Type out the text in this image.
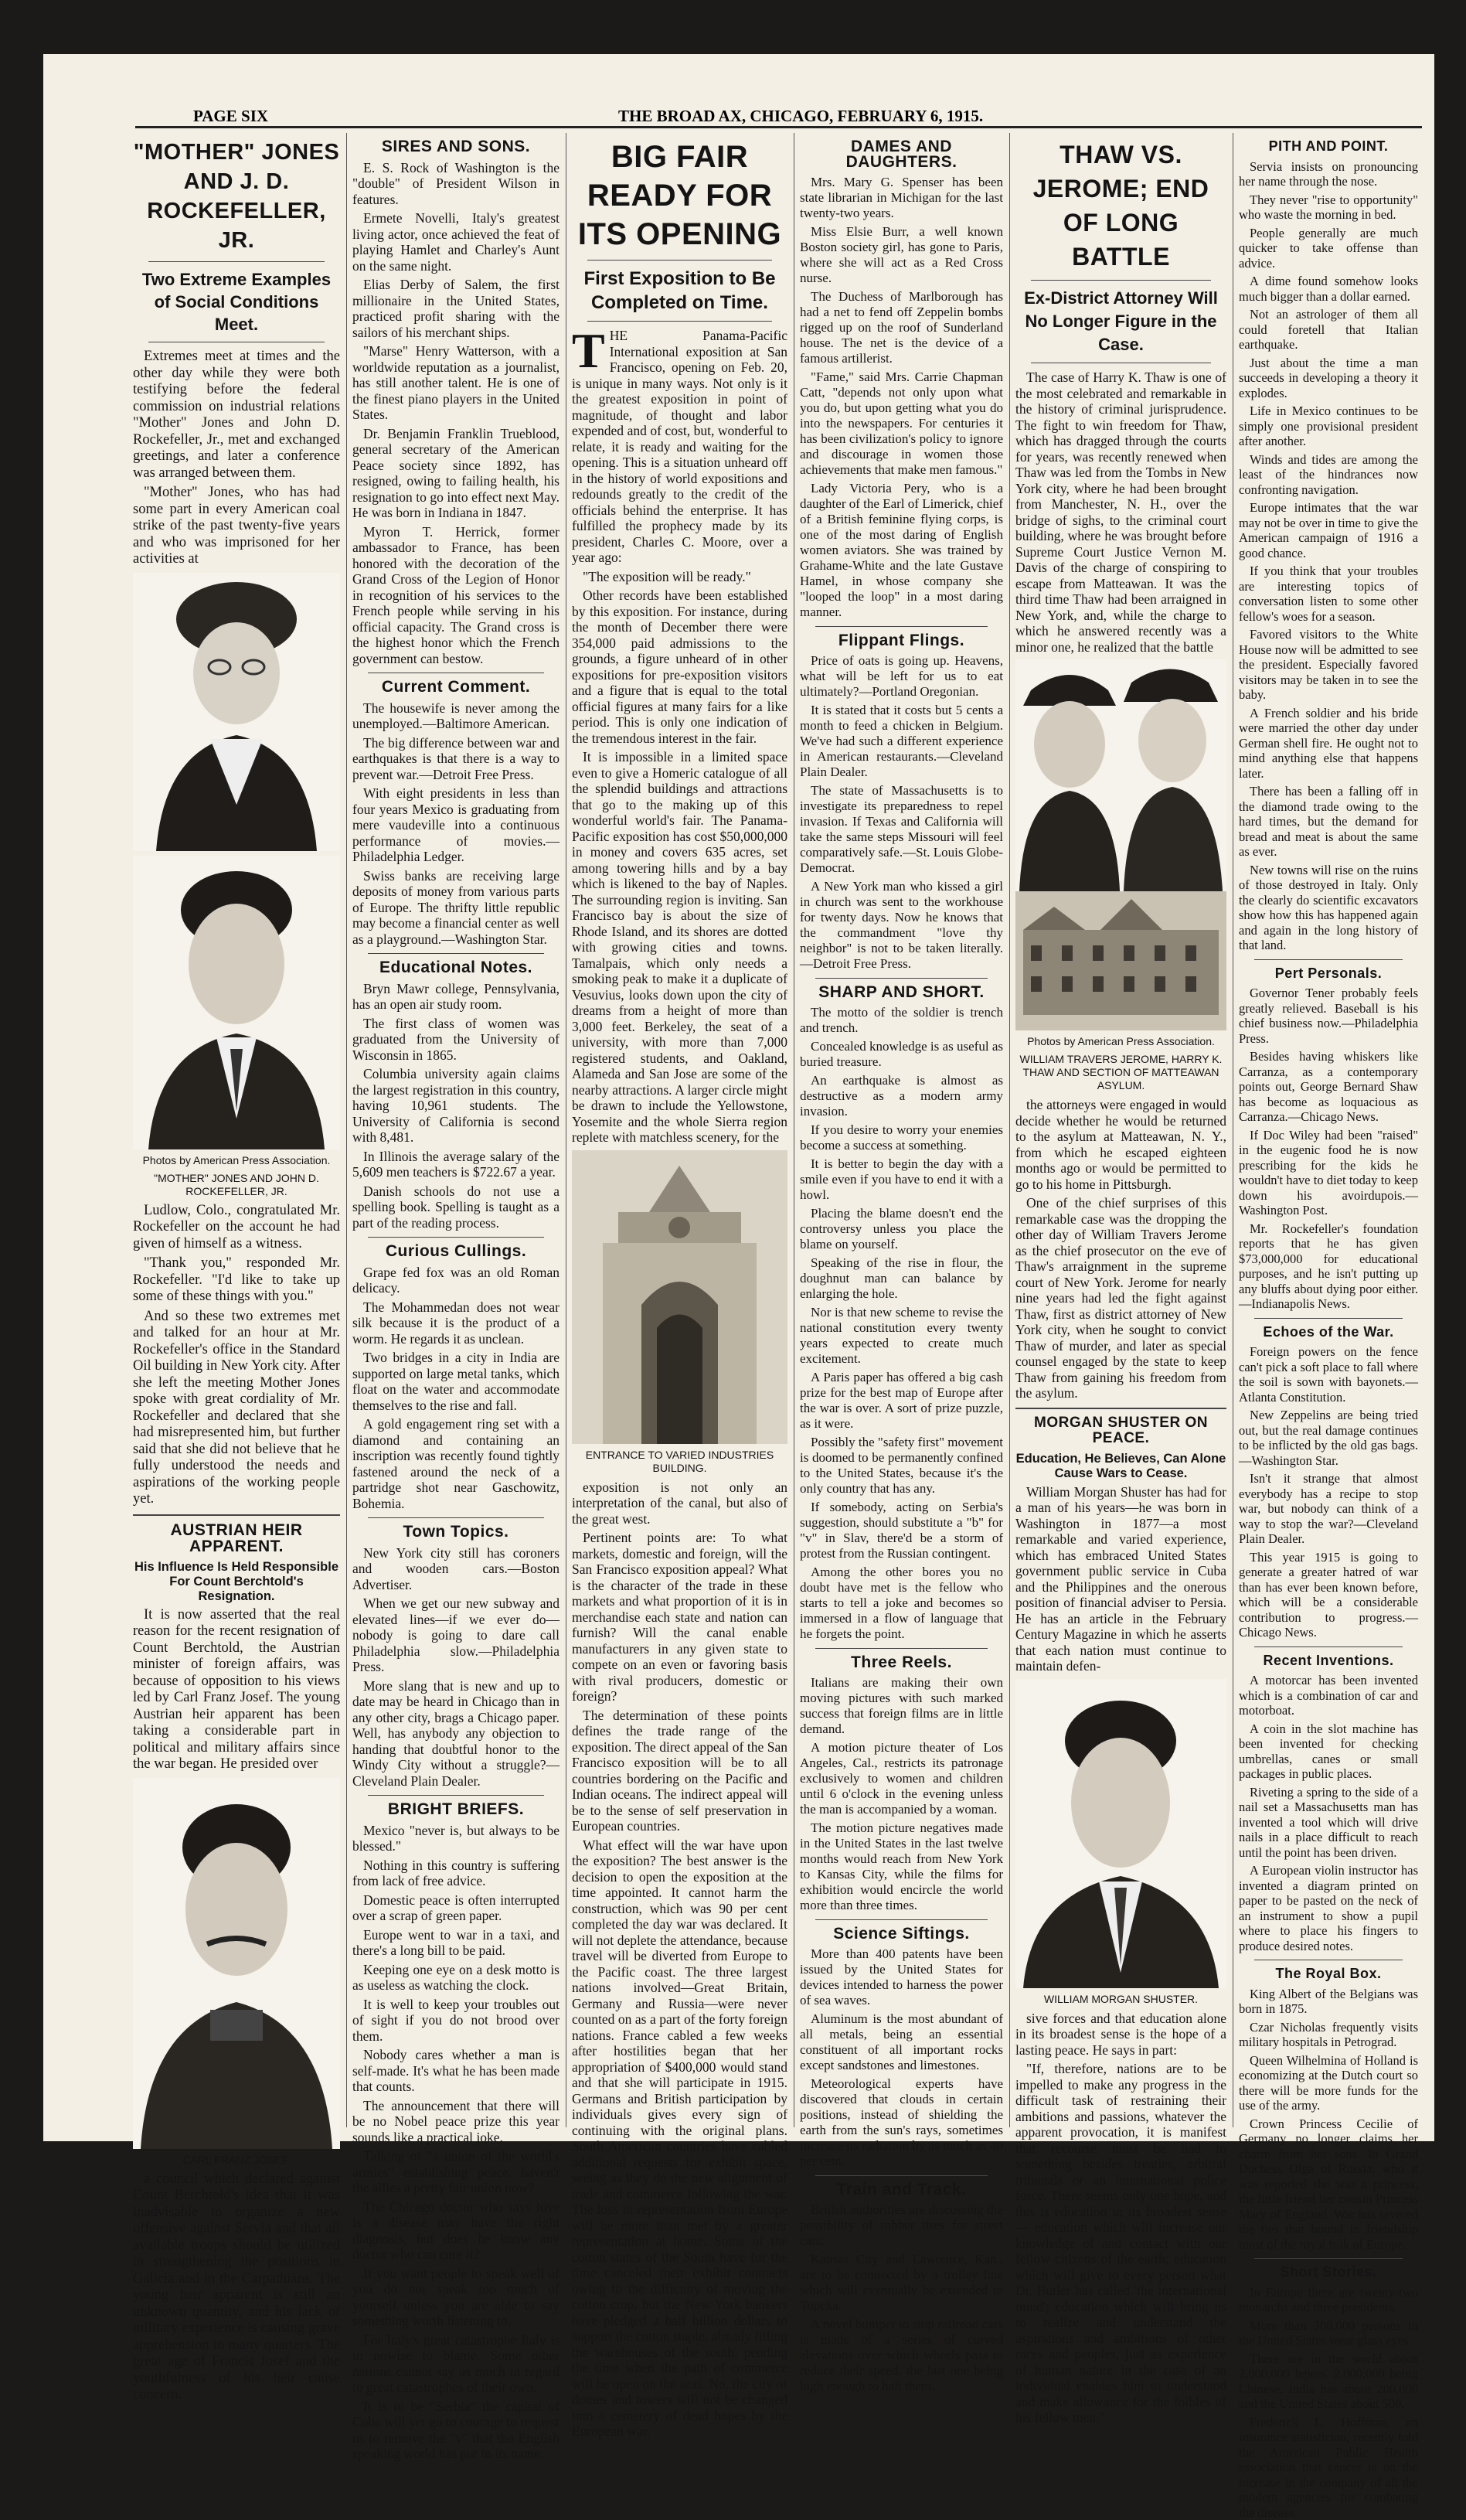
PAGE SIX	THE BROAD AX, CHICAGO, FEBRUARY 6, 1915.
"MOTHER" JONES AND J. D. ROCKEFELLER, JR.
Two Extreme Examples of Social Conditions Meet.

Extremes meet at times and the other day while they were both testifying before the federal commission on industrial relations "Mother" Jones and John D. Rockefeller, Jr., met and exchanged greetings, and later a conference was arranged between them.

"Mother" Jones, who has had some part in every American coal strike of the past twenty-five years and who was imprisoned for her activities at

Photos by American Press Association.
"MOTHER" JONES AND JOHN D. ROCKEFELLER, JR.

Ludlow, Colo., congratulated Mr. Rockefeller on the account he had given of himself as a witness.

"Thank you," responded Mr. Rockefeller. "I'd like to take up some of these things with you."

And so these two extremes met and talked for an hour at Mr. Rockefeller's office in the Standard Oil building in New York city. After she left the meeting Mother Jones spoke with great cordiality of Mr. Rockefeller and declared that she had misrepresented him, but further said that she did not believe that he fully understood the needs and aspirations of the working people yet.

AUSTRIAN HEIR APPARENT.
His Influence Is Held Responsible For Count Berchtold's Resignation.

It is now asserted that the real reason for the recent resignation of Count Berchtold, the Austrian minister of foreign affairs, was because of opposition to his views led by Carl Franz Josef. The young Austrian heir apparent has been taking a considerable part in political and military affairs since the war began. He presided over

CARL FRANZ JOSEF.

a council which declared against Count Berchtold's idea that it was inadvisable to organize a new offensive against Servia and that all available troops should be utilized in strengthening the positions in Galicia and in the Carpathians. The young heir apparent is still an unknown quantity, and his lack of military experience is causing grave apprehension in many quarters. The great age of Francis Josef and the youthfulness of his heir cause concern.

SIRES AND SONS.

E. S. Rock of Washington is the "double" of President Wilson in features.

Ermete Novelli, Italy's greatest living actor, once achieved the feat of playing Hamlet and Charley's Aunt on the same night.

Elias Derby of Salem, the first millionaire in the United States, practiced profit sharing with the sailors of his merchant ships.

"Marse" Henry Watterson, with a worldwide reputation as a journalist, has still another talent. He is one of the finest piano players in the United States.

Dr. Benjamin Franklin Trueblood, general secretary of the American Peace society since 1892, has resigned, owing to failing health, his resignation to go into effect next May. He was born in Indiana in 1847.

Myron T. Herrick, former ambassador to France, has been honored with the decoration of the Grand Cross of the Legion of Honor in recognition of his services to the French people while serving in his official capacity. The Grand cross is the highest honor which the French government can bestow.

Current Comment.

The housewife is never among the unemployed.—Baltimore American.

The big difference between war and earthquakes is that there is a way to prevent war.—Detroit Free Press.

With eight presidents in less than four years Mexico is graduating from mere vaudeville into a continuous performance of movies.—Philadelphia Ledger.

Swiss banks are receiving large deposits of money from various parts of Europe. The thrifty little republic may become a financial center as well as a playground.—Washington Star.

Educational Notes.

Bryn Mawr college, Pennsylvania, has an open air study room.

The first class of women was graduated from the University of Wisconsin in 1865.

Columbia university again claims the largest registration in this country, having 10,961 students. The University of California is second with 8,481.

In Illinois the average salary of the 5,609 men teachers is $722.67 a year.

Danish schools do not use a spelling book. Spelling is taught as a part of the reading process.

Curious Cullings.

Grape fed fox was an old Roman delicacy.

The Mohammedan does not wear silk because it is the product of a worm. He regards it as unclean.

Two bridges in a city in India are supported on large metal tanks, which float on the water and accommodate themselves to the rise and fall.

A gold engagement ring set with a diamond and containing an inscription was recently found tightly fastened around the neck of a partridge shot near Gaschowitz, Bohemia.

Town Topics.

New York city still has coroners and wooden cars.—Boston Advertiser.

When we get our new subway and elevated lines—if we ever do—nobody is going to dare call Philadelphia slow.—Philadelphia Press.

More slang that is new and up to date may be heard in Chicago than in any other city, brags a Chicago paper. Well, has anybody any objection to handing that doubtful honor to the Windy City without a struggle?—Cleveland Plain Dealer.

BRIGHT BRIEFS.

Mexico "never is, but always to be blessed."

Nothing in this country is suffering from lack of free advice.

Domestic peace is often interrupted over a scrap of green paper.

Europe went to war in a taxi, and there's a long bill to be paid.

Keeping one eye on a desk motto is as useless as watching the clock.

It is well to keep your troubles out of sight if you do not brood over them.

Nobody cares whether a man is self-made. It's what he has been made that counts.

The announcement that there will be no Nobel peace prize this year sounds like a practical joke.

Talking of "a union of the world's armies" establishing peace, haven't the allies a pretty fair union now?

The Chicago doctor who says love is a disease may have the right diagnosis, but does he know any doctor who can cure it?

If you want people to speak well of you do not speak too much of yourself unless you are able to say something worth listening to.

For Italy's great catastrophe Italy is in nowise to blame. Some other nations cannot say as much in regard to great catastrophes of their own.

It is to be "Serbia" the capital of Cuba will yet go to courage to request us to remove the "v" that the English speaking world has put in its name.

BIG FAIR READY FOR ITS OPENING
First Exposition to Be Completed on Time.

THE Panama-Pacific International exposition at San Francisco, opening on Feb. 20, is unique in many ways. Not only is it the greatest exposition in point of magnitude, of thought and labor expended and of cost, but, wonderful to relate, it is ready and waiting for the opening. This is a situation unheard off in the history of world expositions and redounds greatly to the credit of the officials behind the enterprise. It has fulfilled the prophecy made by its president, Charles C. Moore, over a year ago:

"The exposition will be ready."

Other records have been established by this exposition. For instance, during the month of December there were 354,000 paid admissions to the grounds, a figure unheard of in other expositions for pre-exposition visitors and a figure that is equal to the total official figures at many fairs for a like period. This is only one indication of the tremendous interest in the fair.

It is impossible in a limited space even to give a Homeric catalogue of all the splendid buildings and attractions that go to the making up of this wonderful world's fair. The Panama-Pacific exposition has cost $50,000,000 in money and covers 635 acres, set among towering hills and by a bay which is likened to the bay of Naples. The surrounding region is inviting. San Francisco bay is about the size of Rhode Island, and its shores are dotted with growing cities and towns. Tamalpais, which only needs a smoking peak to make it a duplicate of Vesuvius, looks down upon the city of dreams from a height of more than 3,000 feet. Berkeley, the seat of a university, with more than 7,000 registered students, and Oakland, Alameda and San Jose are some of the nearby attractions. A larger circle might be drawn to include the Yellowstone, Yosemite and the whole Sierra region replete with matchless scenery, for the

ENTRANCE TO VARIED INDUSTRIES BUILDING.

exposition is not only an interpretation of the canal, but also of the great west.

Pertinent points are: To what markets, domestic and foreign, will the San Francisco exposition appeal? What is the character of the trade in these markets and what proportion of it is in merchandise each state and nation can furnish? Will the canal enable manufacturers in any given state to compete on an even or favoring basis with rival producers, domestic or foreign?

The determination of these points defines the trade range of the exposition. The direct appeal of the San Francisco exposition will be to all countries bordering on the Pacific and Indian oceans. The indirect appeal will be to the sense of self preservation in European countries.

What effect will the war have upon the exposition? The best answer is the decision to open the exposition at the time appointed. It cannot harm the construction, which was 90 per cent completed the day war was declared. It will not deplete the attendance, because travel will be diverted from Europe to the Pacific coast. The three largest nations involved—Great Britain, Germany and Russia—were never counted on as a part of the forty foreign nations. France cabled a few weeks after hostilities began that her appropriation of $400,000 would stand and that she will participate in 1915. Germans and British participation by individuals gives every sign of continuing with the original plans. South American countries have cabled additional requests for exhibit space, seeing as they do the new alignment of trade and commerce following the war. The loss in representation from Europe will be more than met by a greater representation at home. Some of the cotton states of the South have for the time canceled their exhibit contracts owing to the difficulty of moving the cotton crop, but the New York bankers have pledged a half billion dollars to support the cotton staple, already filling the warehouses of the south, pending the time when the path of commerce will be open on the seas. No, the city of domes and towers will not be changed into a cemetery of dead hopes by the European war.

DAMES AND DAUGHTERS.

Mrs. Mary G. Spenser has been state librarian in Michigan for the last twenty-two years.

Miss Elsie Burr, a well known Boston society girl, has gone to Paris, where she will act as a Red Cross nurse.

The Duchess of Marlborough has had a net to fend off Zeppelin bombs rigged up on the roof of Sunderland house. The net is the device of a famous artillerist.

"Fame," said Mrs. Carrie Chapman Catt, "depends not only upon what you do, but upon getting what you do into the newspapers. For centuries it has been civilization's policy to ignore and discourage in women those achievements that make men famous."

Lady Victoria Pery, who is a daughter of the Earl of Limerick, chief of a British feminine flying corps, is one of the most daring of English women aviators. She was trained by Grahame-White and the late Gustave Hamel, in whose company she "looped the loop" in a most daring manner.

Flippant Flings.

Price of oats is going up. Heavens, what will be left for us to eat ultimately?—Portland Oregonian.

It is stated that it costs but 5 cents a month to feed a chicken in Belgium. We've had such a different experience in American restaurants.—Cleveland Plain Dealer.

The state of Massachusetts is to investigate its preparedness to repel invasion. If Texas and California will take the same steps Missouri will feel comparatively safe.—St. Louis Globe-Democrat.

A New York man who kissed a girl in church was sent to the workhouse for twenty days. Now he knows that the commandment "love thy neighbor" is not to be taken literally.—Detroit Free Press.

SHARP AND SHORT.

The motto of the soldier is trench and trench.

Concealed knowledge is as useful as buried treasure.

An earthquake is almost as destructive as a modern army invasion.

If you desire to worry your enemies become a success at something.

It is better to begin the day with a smile even if you have to end it with a howl.

Placing the blame doesn't end the controversy unless you place the blame on yourself.

Speaking of the rise in flour, the doughnut man can balance by enlarging the hole.

Nor is that new scheme to revise the national constitution every twenty years expected to create much excitement.

A Paris paper has offered a big cash prize for the best map of Europe after the war is over. A sort of prize puzzle, as it were.

Possibly the "safety first" movement is doomed to be permanently confined to the United States, because it's the only country that has any.

If somebody, acting on Serbia's suggestion, should substitute a "b" for "v" in Slav, there'd be a storm of protest from the Russian contingent.

Among the other bores you no doubt have met is the fellow who starts to tell a joke and becomes so immersed in a flow of language that he forgets the point.

Three Reels.

Italians are making their own moving pictures with such marked success that foreign films are in little demand.

A motion picture theater of Los Angeles, Cal., restricts its patronage exclusively to women and children until 6 o'clock in the evening unless the man is accompanied by a woman.

The motion picture negatives made in the United States in the last twelve months would reach from New York to Kansas City, while the films for exhibition would encircle the world more than three times.

Science Siftings.

More than 400 patents have been issued by the United States for devices intended to harness the power of sea waves.

Aluminum is the most abundant of all metals, being an essential constituent of all important rocks except sandstones and limestones.

Meteorological experts have discovered that clouds in certain positions, instead of shielding the earth from the sun's rays, sometimes increase its radiation by as much as 40 per cent.

Train and Track.

British authorities are discussing the possibility of rubber tires for street cars.

Kansas City and Lawrence, Kan., are to be connected by a trolley line which will eventually be extended to Topeka.

A novel bumper to stop railroad cars is made of a series of curved elevations over which wheels pass to reduce their speed, the last one being high enough to halt them.

THAW VS. JEROME; END OF LONG BATTLE
Ex-District Attorney Will No Longer Figure in the Case.

The case of Harry K. Thaw is one of the most celebrated and remarkable in the history of criminal jurisprudence. The fight to win freedom for Thaw, which has dragged through the courts for years, was recently renewed when Thaw was led from the Tombs in New York city, where he had been brought from Manchester, N. H., over the bridge of sighs, to the criminal court building, where he was brought before Supreme Court Justice Vernon M. Davis of the charge of conspiring to escape from Matteawan. It was the third time Thaw had been arraigned in New York, and, while the charge to which he answered recently was a minor one, he realized that the battle

Photos by American Press Association.
WILLIAM TRAVERS JEROME, HARRY K. THAW AND SECTION OF MATTEAWAN ASYLUM.

the attorneys were engaged in would decide whether he would be returned to the asylum at Matteawan, N. Y., from which he escaped eighteen months ago or would be permitted to go to his home in Pittsburgh.

One of the chief surprises of this remarkable case was the dropping the other day of William Travers Jerome as the chief prosecutor on the eve of Thaw's arraignment in the supreme court of New York. Jerome for nearly nine years had led the fight against Thaw, first as district attorney of New York city, when he sought to convict Thaw of murder, and later as special counsel engaged by the state to keep Thaw from gaining his freedom from the asylum.

MORGAN SHUSTER ON PEACE.
Education, He Believes, Can Alone Cause Wars to Cease.

William Morgan Shuster has had for a man of his years—he was born in Washington in 1877—a most remarkable and varied experience, which has embraced United States government public service in Cuba and the Philippines and the onerous position of financial adviser to Persia. He has an article in the February Century Magazine in which he asserts that each nation must continue to maintain defen-

WILLIAM MORGAN SHUSTER.

sive forces and that education alone in its broadest sense is the hope of a lasting peace. He says in part:

"If, therefore, nations are to be impelled to make any progress in the difficult task of restraining their ambitions and passions, whatever the apparent provocation, it is manifest that recourse must be had to something besides treaties, arbitral tribunals or an international police force. There seems only one hope, and this is education in its broadest sense — education which will increase our knowledge of and contact with our fellow citizens of the earth; education which will give to every person what Dr. Butler has called 'the international mind'; education which will bring us to realize and understand the aspirations and ambitions of other races and peoples, just as experience of human nature in the case of an individual enables him to understand and make allowance for the foibles of his fellow men."

PITH AND POINT.

Servia insists on pronouncing her name through the nose.

They never "rise to opportunity" who waste the morning in bed.

People generally are much quicker to take offense than advice.

A dime found somehow looks much bigger than a dollar earned.

Not an astrologer of them all could foretell that Italian earthquake.

Just about the time a man succeeds in developing a theory it explodes.

Life in Mexico continues to be simply one provisional president after another.

Winds and tides are among the least of the hindrances now confronting navigation.

Europe intimates that the war may not be over in time to give the American campaign of 1916 a good chance.

If you think that your troubles are interesting topics of conversation listen to some other fellow's woes for a season.

Favored visitors to the White House now will be admitted to see the president. Especially favored visitors may be taken in to see the baby.

A French soldier and his bride were married the other day under German shell fire. He ought not to mind anything else that happens later.

There has been a falling off in the diamond trade owing to the hard times, but the demand for bread and meat is about the same as ever.

New towns will rise on the ruins of those destroyed in Italy. Only the clearly do scientific excavators show how this has happened again and again in the long history of that land.

Pert Personals.

Governor Tener probably feels greatly relieved. Baseball is his chief business now.—Philadelphia Press.

Besides having whiskers like Carranza, as a contemporary points out, George Bernard Shaw has become as loquacious as Carranza.—Chicago News.

If Doc Wiley had been "raised" in the eugenic food he is now prescribing for the kids he wouldn't have to diet today to keep down his avoirdupois.—Washington Post.

Mr. Rockefeller's foundation reports that he has given $73,000,000 for educational purposes, and he isn't putting up any bluffs about dying poor either.—Indianapolis News.

Echoes of the War.

Foreign powers on the fence can't pick a soft place to fall where the soil is sown with bayonets.—Atlanta Constitution.

New Zeppelins are being tried out, but the real damage continues to be inflicted by the old gas bags.—Washington Star.

Isn't it strange that almost everybody has a recipe to stop war, but nobody can think of a way to stop the war?—Cleveland Plain Dealer.

This year 1915 is going to generate a greater hatred of war than has ever been known before, which will be a considerable contribution to progress.—Chicago News.

Recent Inventions.

A motorcar has been invented which is a combination of car and motorboat.

A coin in the slot machine has been invented for checking umbrellas, canes or small packages in public places.

Riveting a spring to the side of a nail set a Massachusetts man has invented a tool which will drive nails in a place difficult to reach until the point has been driven.

A European violin instructor has invented a diagram printed on paper to be pasted on the neck of an instrument to show a pupil where to place his fingers to produce desired notes.

The Royal Box.

King Albert of the Belgians was born in 1875.

Czar Nicholas frequently visits military hospitals in Petrograd.

Queen Wilhelmina of Holland is economizing at the Dutch court so there will be more funds for the use of the army.

Crown Princess Cecilie of Germany no longer claims her charm from her sons. In Grand Duchess Olga of Russia, who it was reported she was a princess, the little friend her cousin Princess Mary of England. War has severed the ties that bound in friendship most of the royal folk of Europe.

Short Stories.

In Europe there are twenty-two monarchs and three presidents.

More than 300,000 persons in the United States wear glass eyes.

There are in the world about 2,000,000 lepers. 2,000,000 being Chinese. India has about 200,000 and the United States about 500.

Frederick L. Hoffman, an insurance statistician, recently told the American Public Health association that cancer is on the increase in the company of all the modern agencies for combating the disease.
